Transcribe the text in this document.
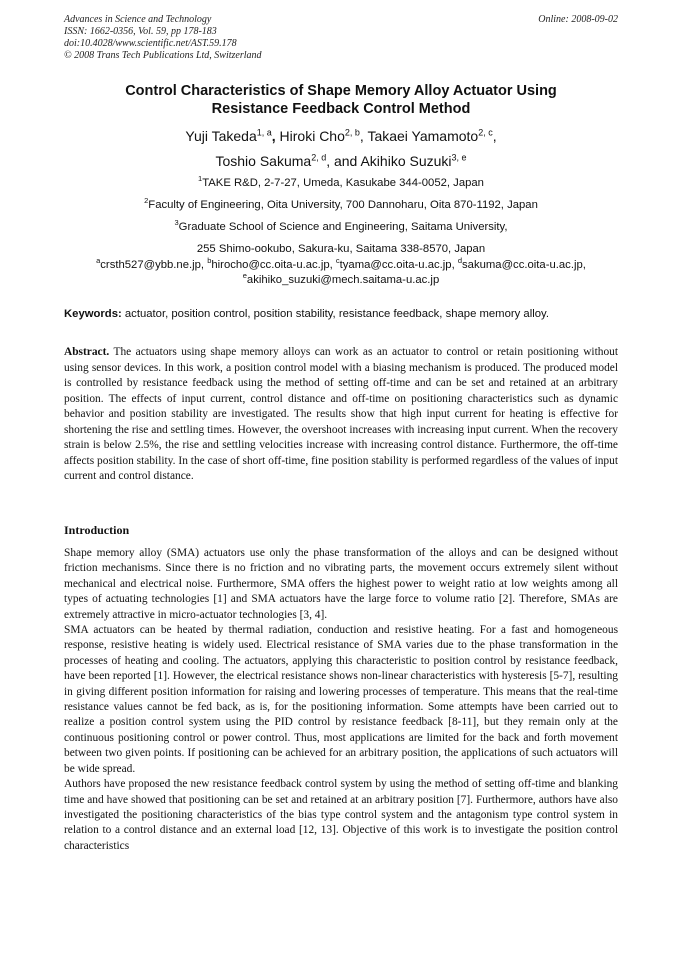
Advances in Science and Technology
ISSN: 1662-0356, Vol. 59, pp 178-183
doi:10.4028/www.scientific.net/AST.59.178
© 2008 Trans Tech Publications Ltd, Switzerland
Online: 2008-09-02
Control Characteristics of Shape Memory Alloy Actuator Using
Resistance Feedback Control Method
Yuji Takeda$^{1, a}$, Hiroki Cho$^{2, b}$, Takaei Yamamoto$^{2, c}$,
Toshio Sakuma$^{2, d}$, and Akihiko Suzuki$^{3, e}$
$^1$TAKE R&D, 2-7-27, Umeda, Kasukabe 344-0052, Japan
$^2$Faculty of Engineering, Oita University, 700 Dannoharu, Oita 870-1192, Japan
$^3$Graduate School of Science and Engineering, Saitama University,
255 Shimo-ookubo, Sakura-ku, Saitama 338-8570, Japan
$^a$crsth527@ybb.ne.jp, $^b$hirocho@cc.oita-u.ac.jp, $^c$tyama@cc.oita-u.ac.jp, $^d$sakuma@cc.oita-u.ac.jp,
$^e$akihiko_suzuki@mech.saitama-u.ac.jp
Keywords: actuator, position control, position stability, resistance feedback, shape memory alloy.
Abstract. The actuators using shape memory alloys can work as an actuator to control or retain positioning without using sensor devices. In this work, a position control model with a biasing mechanism is produced. The produced model is controlled by resistance feedback using the method of setting off-time and can be set and retained at an arbitrary position. The effects of input current, control distance and off-time on positioning characteristics such as dynamic behavior and position stability are investigated. The results show that high input current for heating is effective for shortening the rise and settling times. However, the overshoot increases with increasing input current. When the recovery strain is below 2.5%, the rise and settling velocities increase with increasing control distance. Furthermore, the off-time affects position stability. In the case of short off-time, fine position stability is performed regardless of the values of input current and control distance.
Introduction

Shape memory alloy (SMA) actuators use only the phase transformation of the alloys and can be designed without friction mechanisms. Since there is no friction and no vibrating parts, the movement occurs extremely silent without mechanical and electrical noise. Furthermore, SMA offers the highest power to weight ratio at low weights among all types of actuating technologies [1] and SMA actuators have the large force to volume ratio [2]. Therefore, SMAs are extremely attractive in micro-actuator technologies [3, 4].

SMA actuators can be heated by thermal radiation, conduction and resistive heating. For a fast and homogeneous response, resistive heating is widely used. Electrical resistance of SMA varies due to the phase transformation in the processes of heating and cooling. The actuators, applying this characteristic to position control by resistance feedback, have been reported [1]. However, the electrical resistance shows non-linear characteristics with hysteresis [5-7], resulting in giving different position information for raising and lowering processes of temperature. This means that the real-time resistance values cannot be fed back, as is, for the positioning information. Some attempts have been carried out to realize a position control system using the PID control by resistance feedback [8-11], but they remain only at the continuous positioning control or power control. Thus, most applications are limited for the back and forth movement between two given points. If positioning can be achieved for an arbitrary position, the applications of such actuators will be wide spread.

Authors have proposed the new resistance feedback control system by using the method of setting off-time and blanking time and have showed that positioning can be set and retained at an arbitrary position [7]. Furthermore, authors have also investigated the positioning characteristics of the bias type control system and the antagonism type control system in relation to a control distance and an external load [12, 13]. Objective of this work is to investigate the position control characteristics
